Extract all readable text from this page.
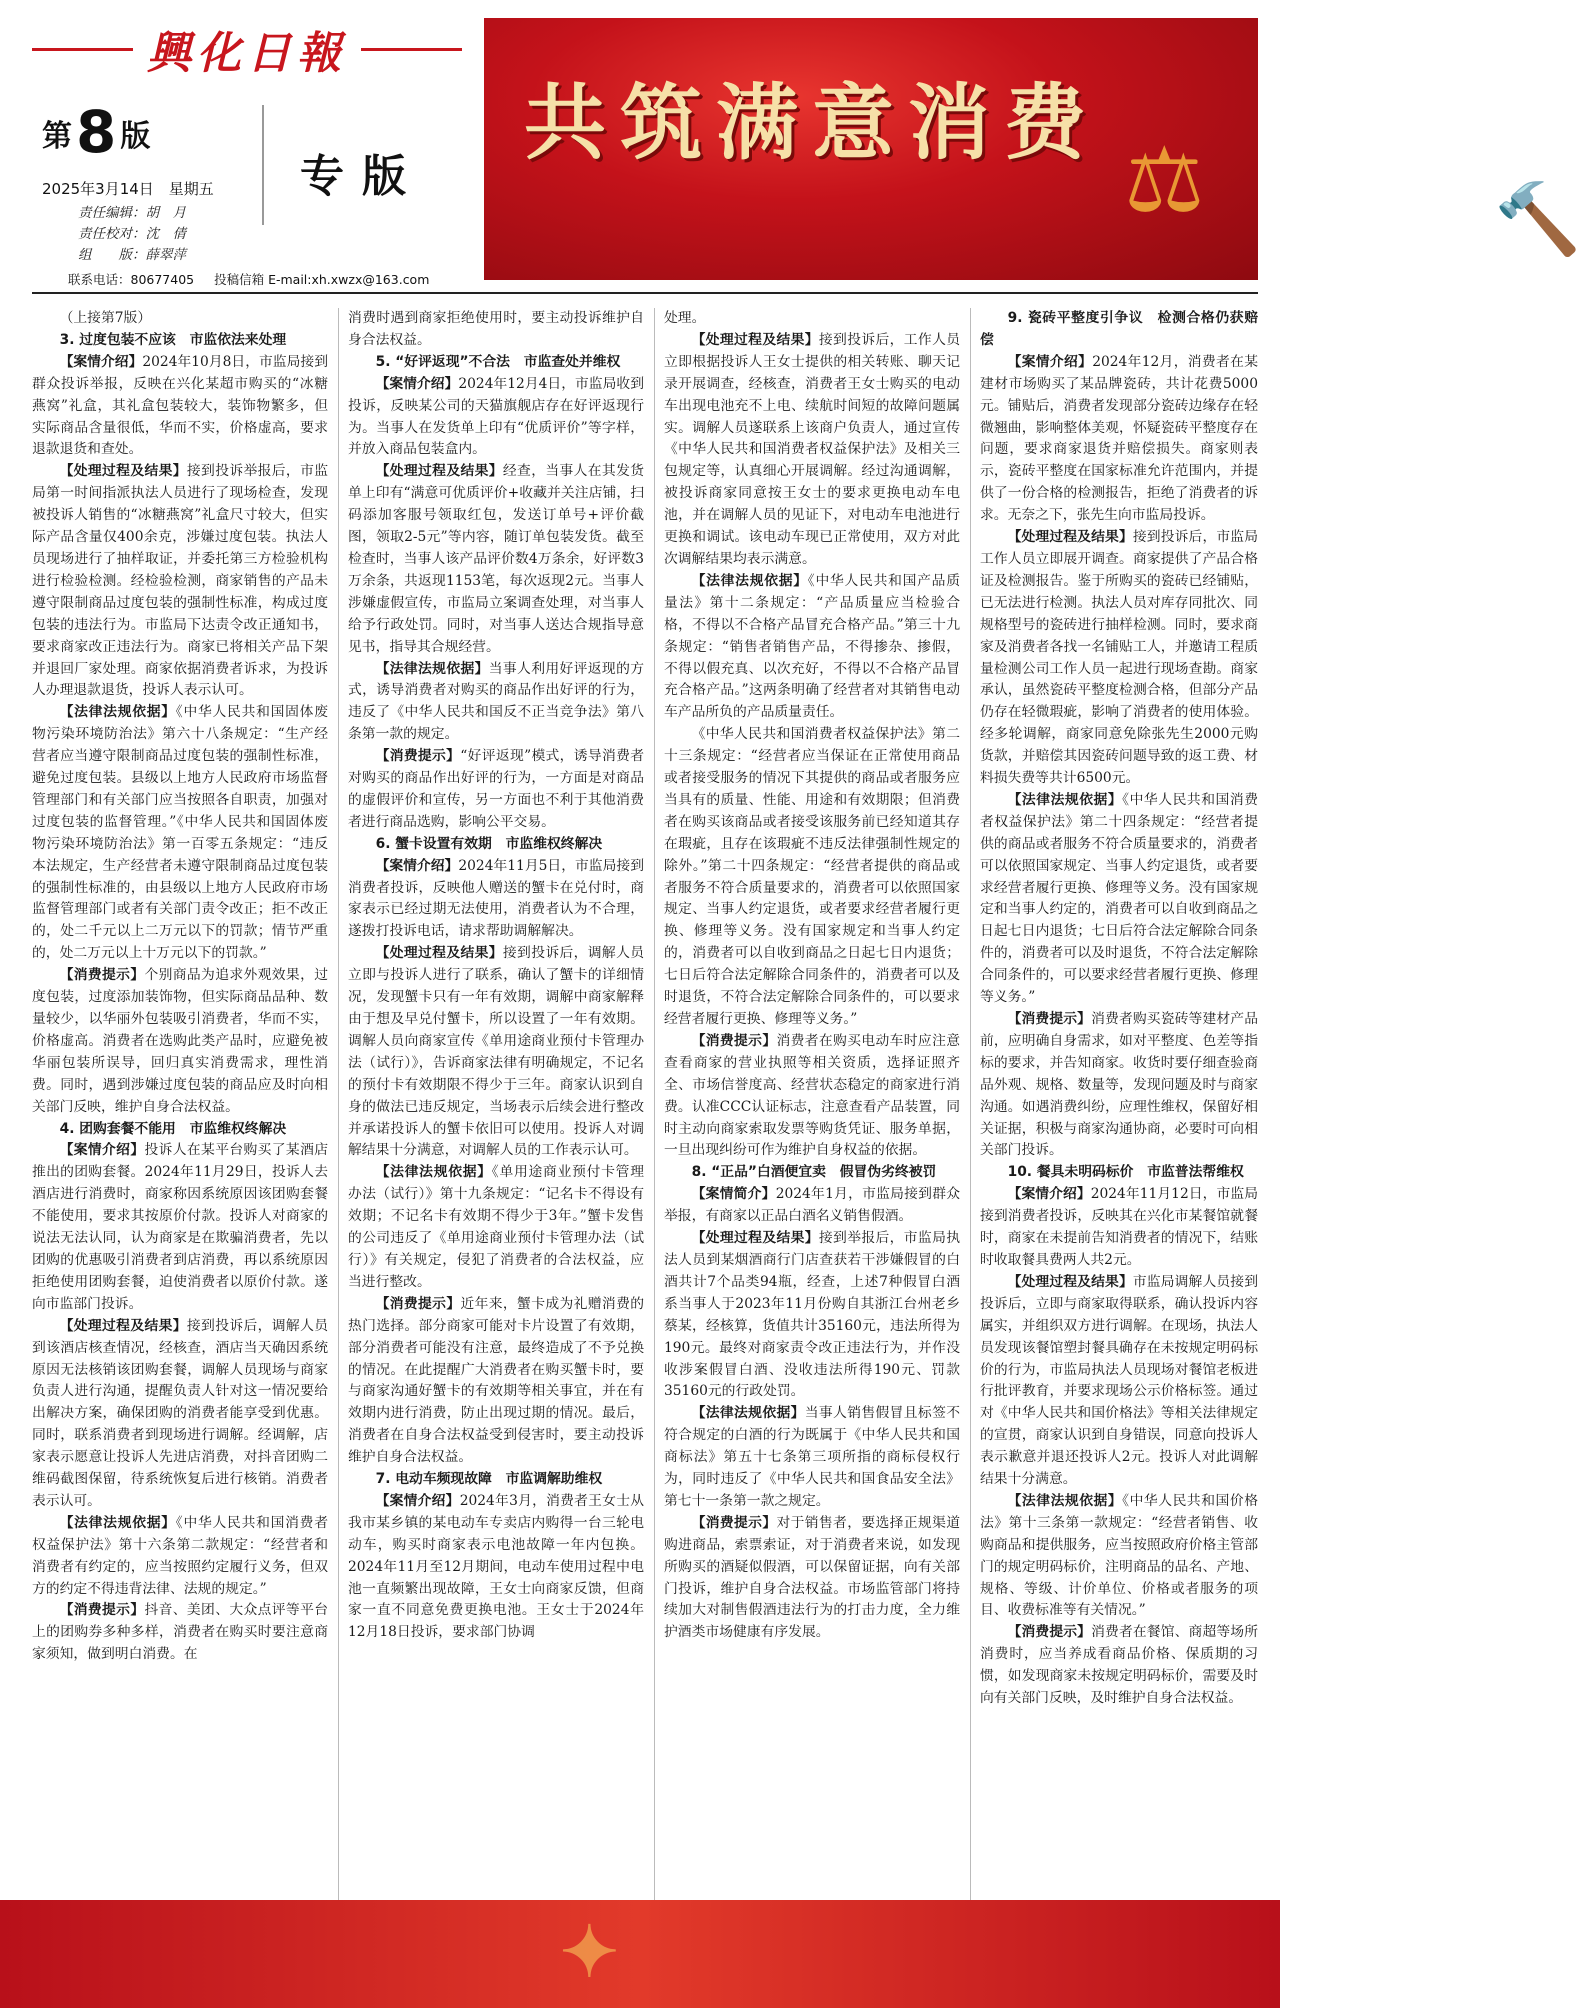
興化日報
第8 版
专版
2025年3月14日　星期五
责任编辑：胡　月
责任校对：沈　倩
组　　版：薛翠萍
联系电话：80677405 投稿信箱 E-mail:xh.xwzx@163.com
⚖	🔨
共筑满意消费

（上接第7版）

3. 过度包装不应该　市监依法来处理

【案情介绍】2024年10月8日，市监局接到群众投诉举报，反映在兴化某超市购买的“冰糖燕窝”礼盒，其礼盒包装较大，装饰物繁多，但实际商品含量很低，华而不实，价格虚高，要求退款退货和查处。

【处理过程及结果】接到投诉举报后，市监局第一时间指派执法人员进行了现场检查，发现被投诉人销售的“冰糖燕窝”礼盒尺寸较大，但实际产品含量仅400余克，涉嫌过度包装。执法人员现场进行了抽样取证，并委托第三方检验机构进行检验检测。经检验检测，商家销售的产品未遵守限制商品过度包装的强制性标准，构成过度包装的违法行为。市监局下达责令改正通知书，要求商家改正违法行为。商家已将相关产品下架并退回厂家处理。商家依据消费者诉求，为投诉人办理退款退货，投诉人表示认可。

【法律法规依据】《中华人民共和国固体废物污染环境防治法》第六十八条规定：“生产经营者应当遵守限制商品过度包装的强制性标准，避免过度包装。县级以上地方人民政府市场监督管理部门和有关部门应当按照各自职责，加强对过度包装的监督管理。”《中华人民共和国固体废物污染环境防治法》第一百零五条规定：“违反本法规定，生产经营者未遵守限制商品过度包装的强制性标准的，由县级以上地方人民政府市场监督管理部门或者有关部门责令改正；拒不改正的，处二千元以上二万元以下的罚款；情节严重的，处二万元以上十万元以下的罚款。”

【消费提示】个别商品为追求外观效果，过度包装，过度添加装饰物，但实际商品品种、数量较少，以华丽外包装吸引消费者，华而不实，价格虚高。消费者在选购此类产品时，应避免被华丽包装所误导，回归真实消费需求，理性消费。同时，遇到涉嫌过度包装的商品应及时向相关部门反映，维护自身合法权益。

4. 团购套餐不能用　市监维权终解决

【案情介绍】投诉人在某平台购买了某酒店推出的团购套餐。2024年11月29日，投诉人去酒店进行消费时，商家称因系统原因该团购套餐不能使用，要求其按原价付款。投诉人对商家的说法无法认同，认为商家是在欺骗消费者，先以团购的优惠吸引消费者到店消费，再以系统原因拒绝使用团购套餐，迫使消费者以原价付款。遂向市监部门投诉。

【处理过程及结果】接到投诉后，调解人员到该酒店核查情况，经核查，酒店当天确因系统原因无法核销该团购套餐，调解人员现场与商家负责人进行沟通，提醒负责人针对这一情况要给出解决方案，确保团购的消费者能享受到优惠。同时，联系消费者到现场进行调解。经调解，店家表示愿意让投诉人先进店消费，对抖音团购二维码截图保留，待系统恢复后进行核销。消费者表示认可。

【法律法规依据】《中华人民共和国消费者权益保护法》第十六条第二款规定：“经营者和消费者有约定的，应当按照约定履行义务，但双方的约定不得违背法律、法规的规定。”

【消费提示】抖音、美团、大众点评等平台上的团购券多种多样，消费者在购买时要注意商家须知，做到明白消费。在

消费时遇到商家拒绝使用时，要主动投诉维护自身合法权益。

5. “好评返现”不合法　市监查处并维权

【案情介绍】2024年12月4日，市监局收到投诉，反映某公司的天猫旗舰店存在好评返现行为。当事人在发货单上印有“优质评价”等字样，并放入商品包装盒内。

【处理过程及结果】经查，当事人在其发货单上印有“满意可优质评价+收藏并关注店铺，扫码添加客服号领取红包，发送订单号+评价截图，领取2-5元”等内容，随订单包装发货。截至检查时，当事人该产品评价数4万条余，好评数3万余条，共返现1153笔，每次返现2元。当事人涉嫌虚假宣传，市监局立案调查处理，对当事人给予行政处罚。同时，对当事人送达合规指导意见书，指导其合规经营。

【法律法规依据】当事人利用好评返现的方式，诱导消费者对购买的商品作出好评的行为，违反了《中华人民共和国反不正当竞争法》第八条第一款的规定。

【消费提示】“好评返现”模式，诱导消费者对购买的商品作出好评的行为，一方面是对商品的虚假评价和宣传，另一方面也不利于其他消费者进行商品选购，影响公平交易。

6. 蟹卡设置有效期　市监维权终解决

【案情介绍】2024年11月5日，市监局接到消费者投诉，反映他人赠送的蟹卡在兑付时，商家表示已经过期无法使用，消费者认为不合理，遂拨打投诉电话，请求帮助调解解决。

【处理过程及结果】接到投诉后，调解人员立即与投诉人进行了联系，确认了蟹卡的详细情况，发现蟹卡只有一年有效期，调解中商家解释由于想及早兑付蟹卡，所以设置了一年有效期。调解人员向商家宣传《单用途商业预付卡管理办法（试行）》，告诉商家法律有明确规定，不记名的预付卡有效期限不得少于三年。商家认识到自身的做法已违反规定，当场表示后续会进行整改并承诺投诉人的蟹卡依旧可以使用。投诉人对调解结果十分满意，对调解人员的工作表示认可。

【法律法规依据】《单用途商业预付卡管理办法（试行）》第十九条规定：“记名卡不得设有效期；不记名卡有效期不得少于3年。”蟹卡发售的公司违反了《单用途商业预付卡管理办法（试行）》有关规定，侵犯了消费者的合法权益，应当进行整改。

【消费提示】近年来，蟹卡成为礼赠消费的热门选择。部分商家可能对卡片设置了有效期，部分消费者可能没有注意，最终造成了不予兑换的情况。在此提醒广大消费者在购买蟹卡时，要与商家沟通好蟹卡的有效期等相关事宜，并在有效期内进行消费，防止出现过期的情况。最后，消费者在自身合法权益受到侵害时，要主动投诉维护自身合法权益。

7. 电动车频现故障　市监调解助维权

【案情介绍】2024年3月，消费者王女士从我市某乡镇的某电动车专卖店内购得一台三轮电动车，购买时商家表示电池故障一年内包换。2024年11月至12月期间，电动车使用过程中电池一直频繁出现故障，王女士向商家反馈，但商家一直不同意免费更换电池。王女士于2024年12月18日投诉，要求部门协调

处理。

【处理过程及结果】接到投诉后，工作人员立即根据投诉人王女士提供的相关转账、聊天记录开展调查，经核查，消费者王女士购买的电动车出现电池充不上电、续航时间短的故障问题属实。调解人员遂联系上该商户负责人，通过宣传《中华人民共和国消费者权益保护法》及相关三包规定等，认真细心开展调解。经过沟通调解，被投诉商家同意按王女士的要求更换电动车电池，并在调解人员的见证下，对电动车电池进行更换和调试。该电动车现已正常使用，双方对此次调解结果均表示满意。

【法律法规依据】《中华人民共和国产品质量法》第十二条规定：“产品质量应当检验合格，不得以不合格产品冒充合格产品。”第三十九条规定：“销售者销售产品，不得掺杂、掺假，不得以假充真、以次充好，不得以不合格产品冒充合格产品。”这两条明确了经营者对其销售电动车产品所负的产品质量责任。

《中华人民共和国消费者权益保护法》第二十三条规定：“经营者应当保证在正常使用商品或者接受服务的情况下其提供的商品或者服务应当具有的质量、性能、用途和有效期限；但消费者在购买该商品或者接受该服务前已经知道其存在瑕疵，且存在该瑕疵不违反法律强制性规定的除外。”第二十四条规定：“经营者提供的商品或者服务不符合质量要求的，消费者可以依照国家规定、当事人约定退货，或者要求经营者履行更换、修理等义务。没有国家规定和当事人约定的，消费者可以自收到商品之日起七日内退货；七日后符合法定解除合同条件的，消费者可以及时退货，不符合法定解除合同条件的，可以要求经营者履行更换、修理等义务。”

【消费提示】消费者在购买电动车时应注意查看商家的营业执照等相关资质，选择证照齐全、市场信誉度高、经营状态稳定的商家进行消费。认准CCC认证标志，注意查看产品装置，同时主动向商家索取发票等购货凭证、服务单据，一旦出现纠纷可作为维护自身权益的依据。

8. “正品”白酒便宜卖　假冒伪劣终被罚

【案情简介】2024年1月，市监局接到群众举报，有商家以正品白酒名义销售假酒。

【处理过程及结果】接到举报后，市监局执法人员到某烟酒商行门店查获若干涉嫌假冒的白酒共计7个品类94瓶，经查，上述7种假冒白酒系当事人于2023年11月份购自其浙江台州老乡蔡某，经核算，货值共计35160元，违法所得为190元。最终对商家责令改正违法行为，并作没收涉案假冒白酒、没收违法所得190元、罚款35160元的行政处罚。

【法律法规依据】当事人销售假冒且标签不符合规定的白酒的行为既属于《中华人民共和国商标法》第五十七条第三项所指的商标侵权行为，同时违反了《中华人民共和国食品安全法》第七十一条第一款之规定。

【消费提示】对于销售者，要选择正规渠道购进商品，索票索证，对于消费者来说，如发现所购买的酒疑似假酒，可以保留证据，向有关部门投诉，维护自身合法权益。市场监管部门将持续加大对制售假酒违法行为的打击力度，全力维护酒类市场健康有序发展。

9. 瓷砖平整度引争议　检测合格仍获赔偿

【案情介绍】2024年12月，消费者在某建材市场购买了某品牌瓷砖，共计花费5000元。铺贴后，消费者发现部分瓷砖边缘存在轻微翘曲，影响整体美观，怀疑瓷砖平整度存在问题，要求商家退货并赔偿损失。商家则表示，瓷砖平整度在国家标准允许范围内，并提供了一份合格的检测报告，拒绝了消费者的诉求。无奈之下，张先生向市监局投诉。

【处理过程及结果】接到投诉后，市监局工作人员立即展开调查。商家提供了产品合格证及检测报告。鉴于所购买的瓷砖已经铺贴，已无法进行检测。执法人员对库存同批次、同规格型号的瓷砖进行抽样检测。同时，要求商家及消费者各找一名铺贴工人，并邀请工程质量检测公司工作人员一起进行现场查勘。商家承认，虽然瓷砖平整度检测合格，但部分产品仍存在轻微瑕疵，影响了消费者的使用体验。经多轮调解，商家同意免除张先生2000元购货款，并赔偿其因瓷砖问题导致的返工费、材料损失费等共计6500元。

【法律法规依据】《中华人民共和国消费者权益保护法》第二十四条规定：“经营者提供的商品或者服务不符合质量要求的，消费者可以依照国家规定、当事人约定退货，或者要求经营者履行更换、修理等义务。没有国家规定和当事人约定的，消费者可以自收到商品之日起七日内退货；七日后符合法定解除合同条件的，消费者可以及时退货，不符合法定解除合同条件的，可以要求经营者履行更换、修理等义务。”

【消费提示】消费者购买瓷砖等建材产品前，应明确自身需求，如对平整度、色差等指标的要求，并告知商家。收货时要仔细查验商品外观、规格、数量等，发现问题及时与商家沟通。如遇消费纠纷，应理性维权，保留好相关证据，积极与商家沟通协商，必要时可向相关部门投诉。

10. 餐具未明码标价　市监普法帮维权

【案情介绍】2024年11月12日，市监局接到消费者投诉，反映其在兴化市某餐馆就餐时，商家在未提前告知消费者的情况下，结账时收取餐具费两人共2元。

【处理过程及结果】市监局调解人员接到投诉后，立即与商家取得联系，确认投诉内容属实，并组织双方进行调解。在现场，执法人员发现该餐馆塑封餐具确存在未按规定明码标价的行为，市监局执法人员现场对餐馆老板进行批评教育，并要求现场公示价格标签。通过对《中华人民共和国价格法》等相关法律规定的宣贯，商家认识到自身错误，同意向投诉人表示歉意并退还投诉人2元。投诉人对此调解结果十分满意。

【法律法规依据】《中华人民共和国价格法》第十三条第一款规定：“经营者销售、收购商品和提供服务，应当按照政府价格主管部门的规定明码标价，注明商品的品名、产地、规格、等级、计价单位、价格或者服务的项目、收费标准等有关情况。”

【消费提示】消费者在餐馆、商超等场所消费时，应当养成看商品价格、保质期的习惯，如发现商家未按规定明码标价，需要及时向有关部门反映，及时维护自身合法权益。

✦
